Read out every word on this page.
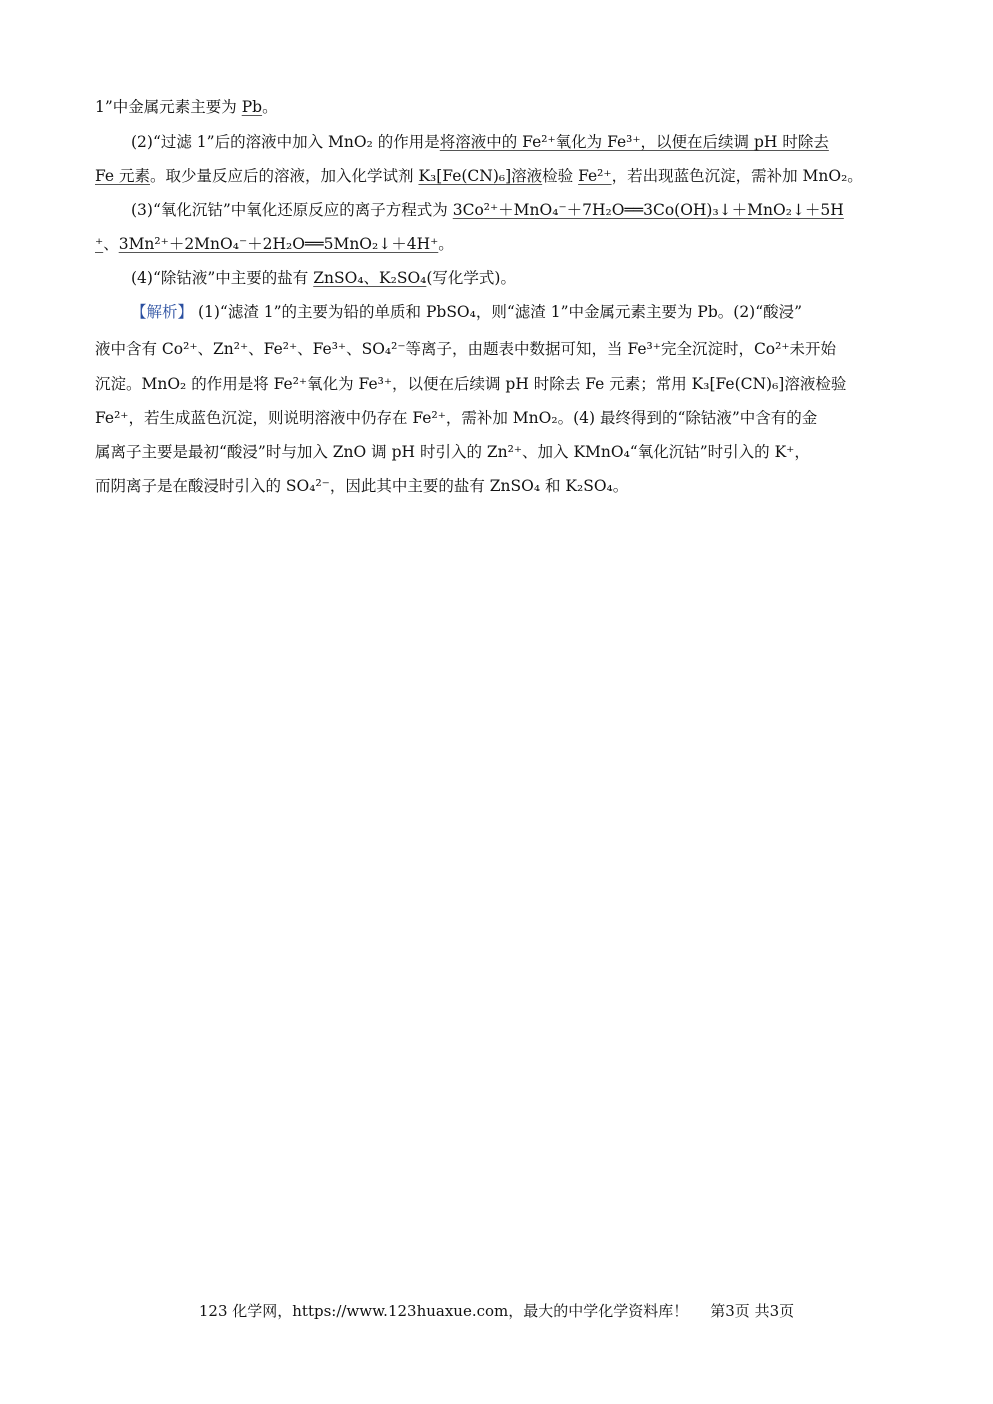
1”中金属元素主要为 Pb。
(2)“过滤 1”后的溶液中加入 MnO₂ 的作用是将溶液中的 Fe²⁺氧化为 Fe³⁺，以便在后续调 pH 时除去
Fe 元素。取少量反应后的溶液，加入化学试剂 K₃[Fe(CN)₆]溶液检验 Fe²⁺，若出现蓝色沉淀，需补加 MnO₂。
(3)“氧化沉钴”中氧化还原反应的离子方程式为 3Co²⁺＋MnO₄⁻＋7H₂O══3Co(OH)₃↓＋MnO₂↓＋5H
⁺、3Mn²⁺＋2MnO₄⁻＋2H₂O══5MnO₂↓＋4H⁺。
(4)“除钴液”中主要的盐有 ZnSO₄、K₂SO₄(写化学式)。
【解析】 (1)“滤渣 1”的主要为铅的单质和 PbSO₄，则“滤渣 1”中金属元素主要为 Pb。(2)“酸浸”
液中含有 Co²⁺、Zn²⁺、Fe²⁺、Fe³⁺、SO₄²⁻等离子，由题表中数据可知，当 Fe³⁺完全沉淀时，Co²⁺未开始
沉淀。MnO₂ 的作用是将 Fe²⁺氧化为 Fe³⁺，以便在后续调 pH 时除去 Fe 元素；常用 K₃[Fe(CN)₆]溶液检验
Fe²⁺，若生成蓝色沉淀，则说明溶液中仍存在 Fe²⁺，需补加 MnO₂。(4) 最终得到的“除钴液”中含有的金
属离子主要是最初“酸浸”时与加入 ZnO 调 pH 时引入的 Zn²⁺、加入 KMnO₄“氧化沉钴”时引入的 K⁺，
而阴离子是在酸浸时引入的 SO₄²⁻，因此其中主要的盐有 ZnSO₄ 和 K₂SO₄。
123 化学网，https://www.123huaxue.com，最大的中学化学资料库！ 第3页 共3页
